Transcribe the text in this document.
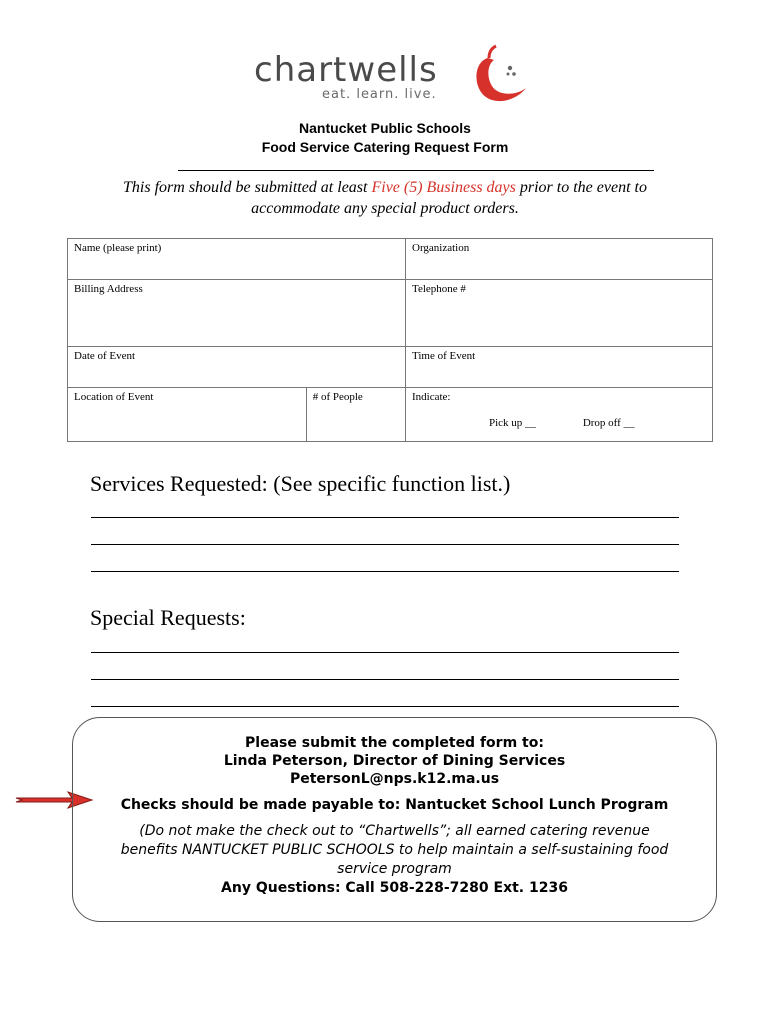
chartwells
eat. learn. live.
Nantucket Public Schools
Food Service Catering Request Form
This form should be submitted at least Five (5) Business days prior to the event to
accommodate any special product orders.
Name (please print)		Organization
Billing Address		Telephone #
Date of Event		Time of Event
Location of Event	# of People	Indicate:
Pick up __ Drop off __
Services Requested: (See specific function list.)
Special Requests:
Please submit the completed form to:
Linda Peterson, Director of Dining Services
PetersonL@nps.k12.ma.us
Checks should be made payable to: Nantucket School Lunch Program
(Do not make the check out to “Chartwells”; all earned catering revenue
benefits NANTUCKET PUBLIC SCHOOLS to help maintain a self-sustaining food
service program
Any Questions: Call 508-228-7280 Ext. 1236
